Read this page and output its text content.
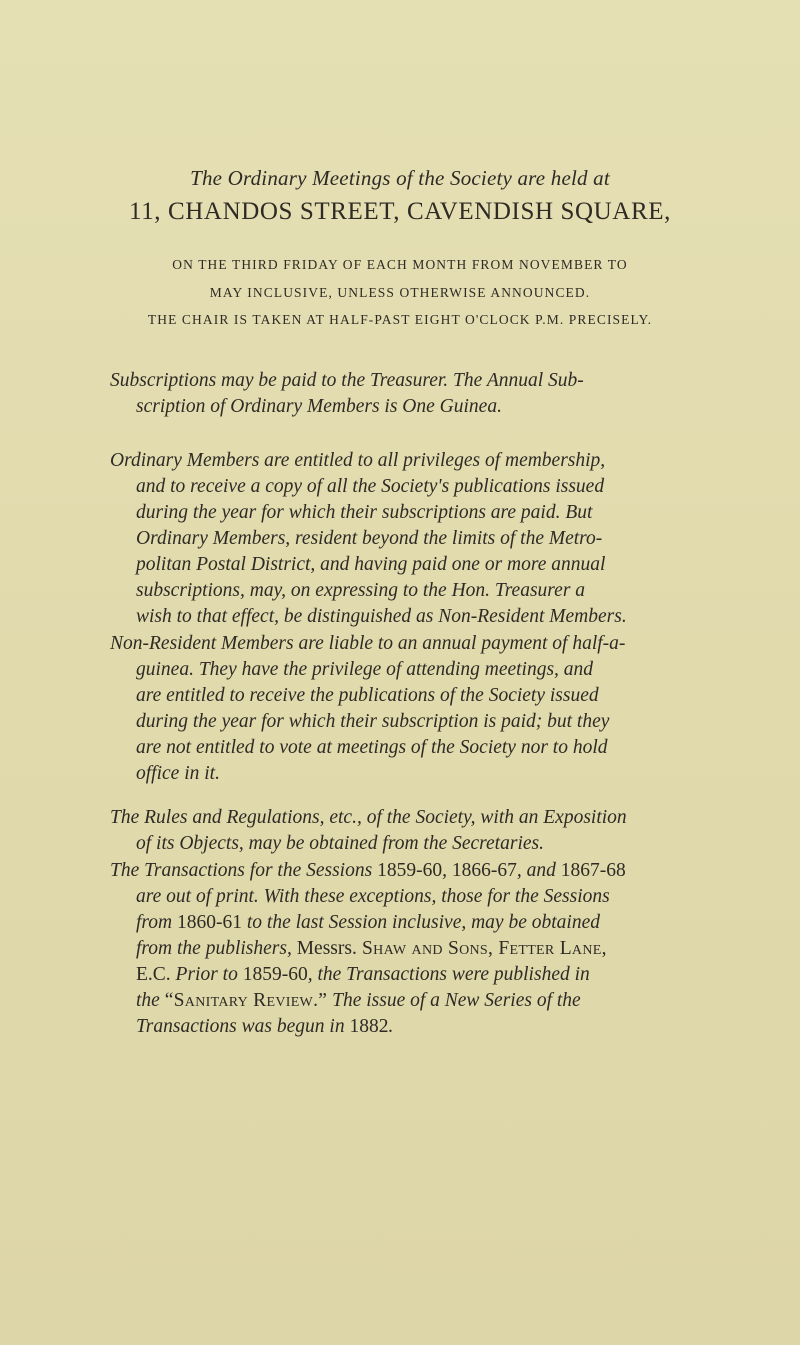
The Ordinary Meetings of the Society are held at
11, CHANDOS STREET, CAVENDISH SQUARE,
ON THE THIRD FRIDAY OF EACH MONTH FROM NOVEMBER TO
MAY INCLUSIVE, UNLESS OTHERWISE ANNOUNCED.
THE CHAIR IS TAKEN AT HALF-PAST EIGHT O'CLOCK P.M. PRECISELY.
Subscriptions may be paid to the Treasurer. The Annual Sub-
scription of Ordinary Members is One Guinea.
Ordinary Members are entitled to all privileges of membership,
and to receive a copy of all the Society's publications issued
during the year for which their subscriptions are paid. But
Ordinary Members, resident beyond the limits of the Metro-
politan Postal District, and having paid one or more annual
subscriptions, may, on expressing to the Hon. Treasurer a
wish to that effect, be distinguished as Non-Resident Members.
Non-Resident Members are liable to an annual payment of half-a-
guinea. They have the privilege of attending meetings, and
are entitled to receive the publications of the Society issued
during the year for which their subscription is paid; but they
are not entitled to vote at meetings of the Society nor to hold
office in it.
The Rules and Regulations, etc., of the Society, with an Exposition
of its Objects, may be obtained from the Secretaries.
The Transactions for the Sessions 1859-60, 1866-67, and 1867-68
are out of print. With these exceptions, those for the Sessions
from 1860-61 to the last Session inclusive, may be obtained
from the publishers, Messrs. Shaw and Sons, Fetter Lane,
E.C. Prior to 1859-60, the Transactions were published in
the “Sanitary Review.” The issue of a New Series of the
Transactions was begun in 1882.
